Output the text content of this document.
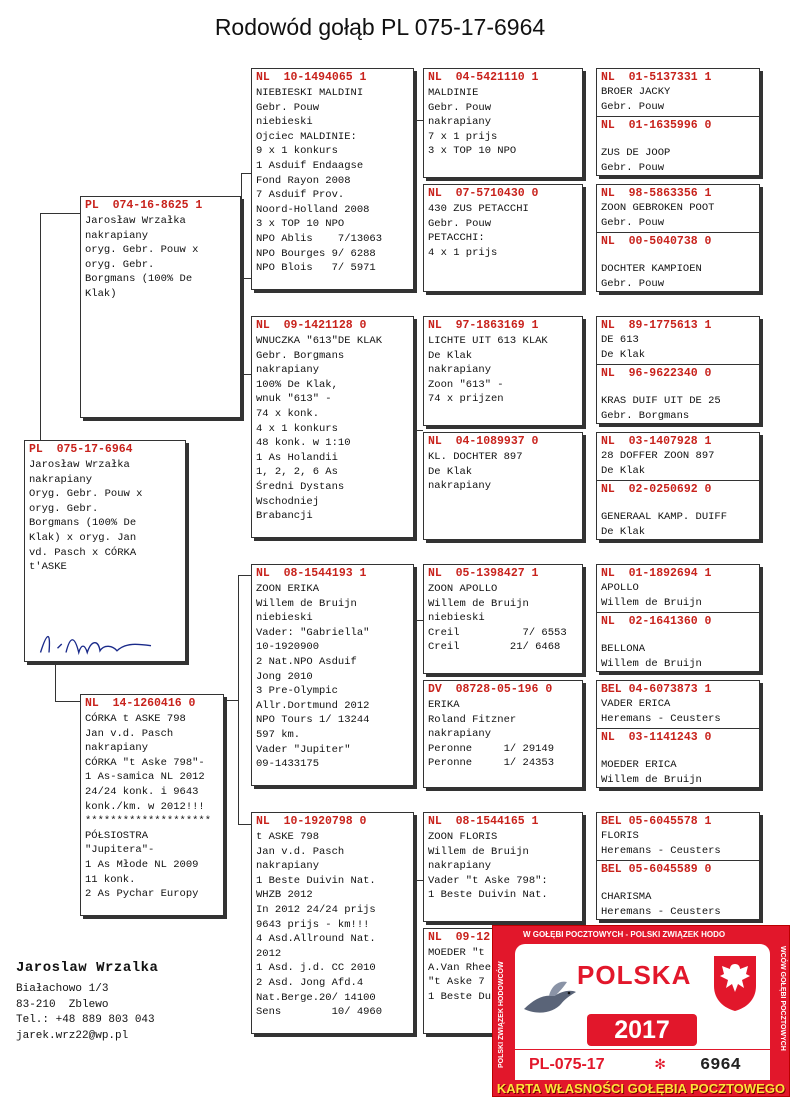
Rodowód gołąb PL 075-17-6964
PL  075-17-6964
Jarosław Wrzałka
nakrapiany
Oryg. Gebr. Pouw x
oryg. Gebr.
Borgmans (100% De
Klak) x oryg. Jan
vd. Pasch x CÓRKA
t'ASKE
PL  074-16-8625 1
Jarosław Wrzałka
nakrapiany
oryg. Gebr. Pouw x
oryg. Gebr.
Borgmans (100% De
Klak)
NL  14-1260416 0
CÓRKA t ASKE 798
Jan v.d. Pasch
nakrapiany
CÓRKA "t Aske 798"-
1 As-samica NL 2012
24/24 konk. i 9643
konk./km. w 2012!!!
********************
PÓŁSIOSTRA
"Jupitera"-
1 As Młode NL 2009
11 konk.
2 As Pychar Europy
NL  10-1494065 1
NIEBIESKI MALDINI
Gebr. Pouw
niebieski
Ojciec MALDINIE:
9 x 1 konkurs
1 Asduif Endaagse
Fond Rayon 2008
7 Asduif Prov.
Noord-Holland 2008
3 x TOP 10 NPO
NPO Ablis    7/13063
NPO Bourges 9/ 6288
NPO Blois   7/ 5971
NL  09-1421128 0
WNUCZKA "613"DE KLAK
Gebr. Borgmans
nakrapiany
100% De Klak,
wnuk "613" -
74 x konk.
4 x 1 konkurs
48 konk. w 1:10
1 As Holandii
1, 2, 2, 6 As
Średni Dystans
Wschodniej
Brabancji
NL  08-1544193 1
ZOON ERIKA
Willem de Bruijn
niebieski
Vader: "Gabriella"
10-1920900
2 Nat.NPO Asduif
Jong 2010
3 Pre-Olympic
Allr.Dortmund 2012
NPO Tours 1/ 13244
597 km.
Vader "Jupiter"
09-1433175
NL  10-1920798 0
t ASKE 798
Jan v.d. Pasch
nakrapiany
1 Beste Duivin Nat.
WHZB 2012
In 2012 24/24 prijs
9643 prijs - km!!!
4 Asd.Allround Nat.
2012
1 Asd. j.d. CC 2010
2 Asd. Jong Afd.4
Nat.Berge.20/ 14100
Sens        10/ 4960
NL  04-5421110 1
MALDINIE
Gebr. Pouw
nakrapiany
7 x 1 prijs
3 x TOP 10 NPO
NL  07-5710430 0
430 ZUS PETACCHI
Gebr. Pouw
PETACCHI:
4 x 1 prijs
NL  97-1863169 1
LICHTE UIT 613 KLAK
De Klak
nakrapiany
Zoon "613" -
74 x prijzen
NL  04-1089937 0
KL. DOCHTER 897
De Klak
nakrapiany
NL  05-1398427 1
ZOON APOLLO
Willem de Bruijn
niebieski
Creil          7/ 6553
Creil        21/ 6468
DV  08728-05-196 0
ERIKA
Roland Fitzner
nakrapiany
Peronne     1/ 29149
Peronne     1/ 24353
NL  08-1544165 1
ZOON FLORIS
Willem de Bruijn
nakrapiany
Vader "t Aske 798":
1 Beste Duivin Nat.
NL  09-12
MOEDER "t
A.Van Rhee
"t Aske 7
1 Beste Du
NL  01-5137331 1
BROER JACKY
Gebr. Pouw
NL  01-1635996 0
ZUS DE JOOP
Gebr. Pouw
NL  98-5863356 1
ZOON GEBROKEN POOT
Gebr. Pouw
NL  00-5040738 0
DOCHTER KAMPIOEN
Gebr. Pouw
NL  89-1775613 1
DE 613
De Klak
NL  96-9622340 0
KRAS DUIF UIT DE 25
Gebr. Borgmans
NL  03-1407928 1
28 DOFFER ZOON 897
De Klak
NL  02-0250692 0
GENERAAL KAMP. DUIFF
De Klak
NL  01-1892694 1
APOLLO
Willem de Bruijn
NL  02-1641360 0
BELLONA
Willem de Bruijn
BEL 04-6073873 1
VADER ERICA
Heremans - Ceusters
NL  03-1141243 0
MOEDER ERICA
Willem de Bruijn
BEL 05-6045578 1
FLORIS
Heremans - Ceusters
BEL 05-6045589 0
CHARISMA
Heremans - Ceusters
Jaroslaw Wrzalka
Białachowo 1/3
83-210  Zblewo
Tel.: +48 889 803 043
jarek.wrz22@wp.pl
W GOŁĘBI POCZTOWYCH - POLSKI ZWIĄZEK HODO
POLSKI ZWIĄZEK HODOWCÓW	WCÓW GOŁĘBI POCZTOWYCH
POLSKA
2017
PL-075-17	✻ 6964
KARTA WŁASNOŚCI GOŁĘBIA POCZTOWEGO
